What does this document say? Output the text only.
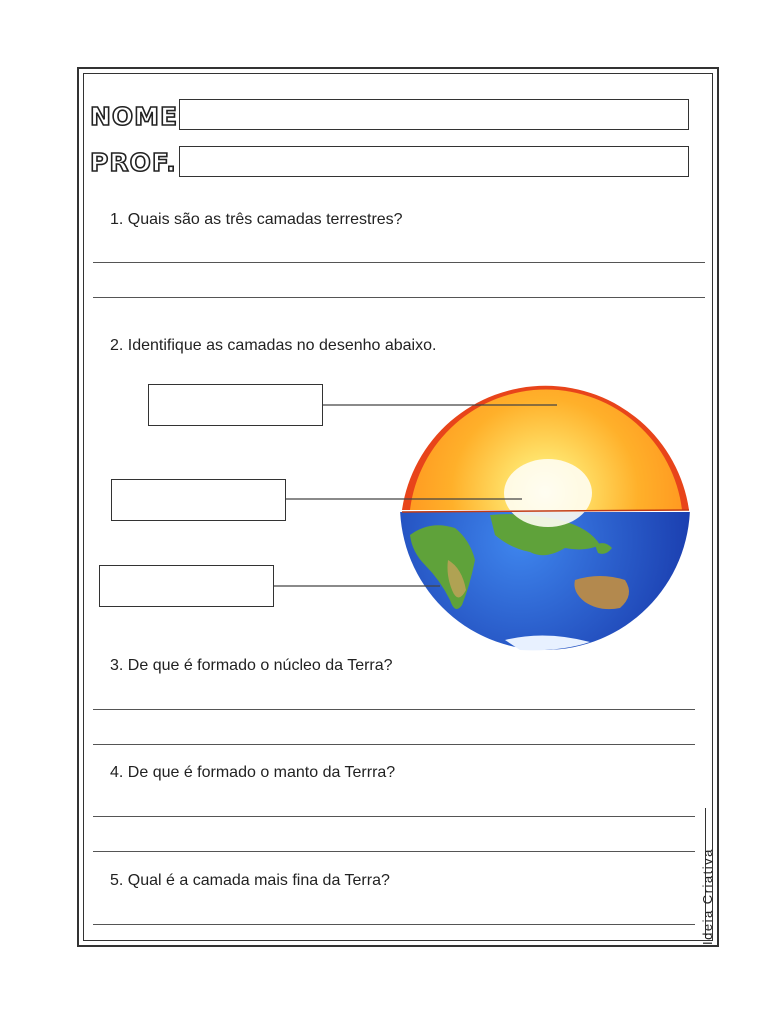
NOME
PROF.
1. Quais são as três camadas terrestres?
2. Identifique as camadas no desenho abaixo.
3. De que é formado o núcleo da Terra?
4. De que é formado o manto da Terrra?
5. Qual é a camada mais fina da Terra?	Ideia Criativa
